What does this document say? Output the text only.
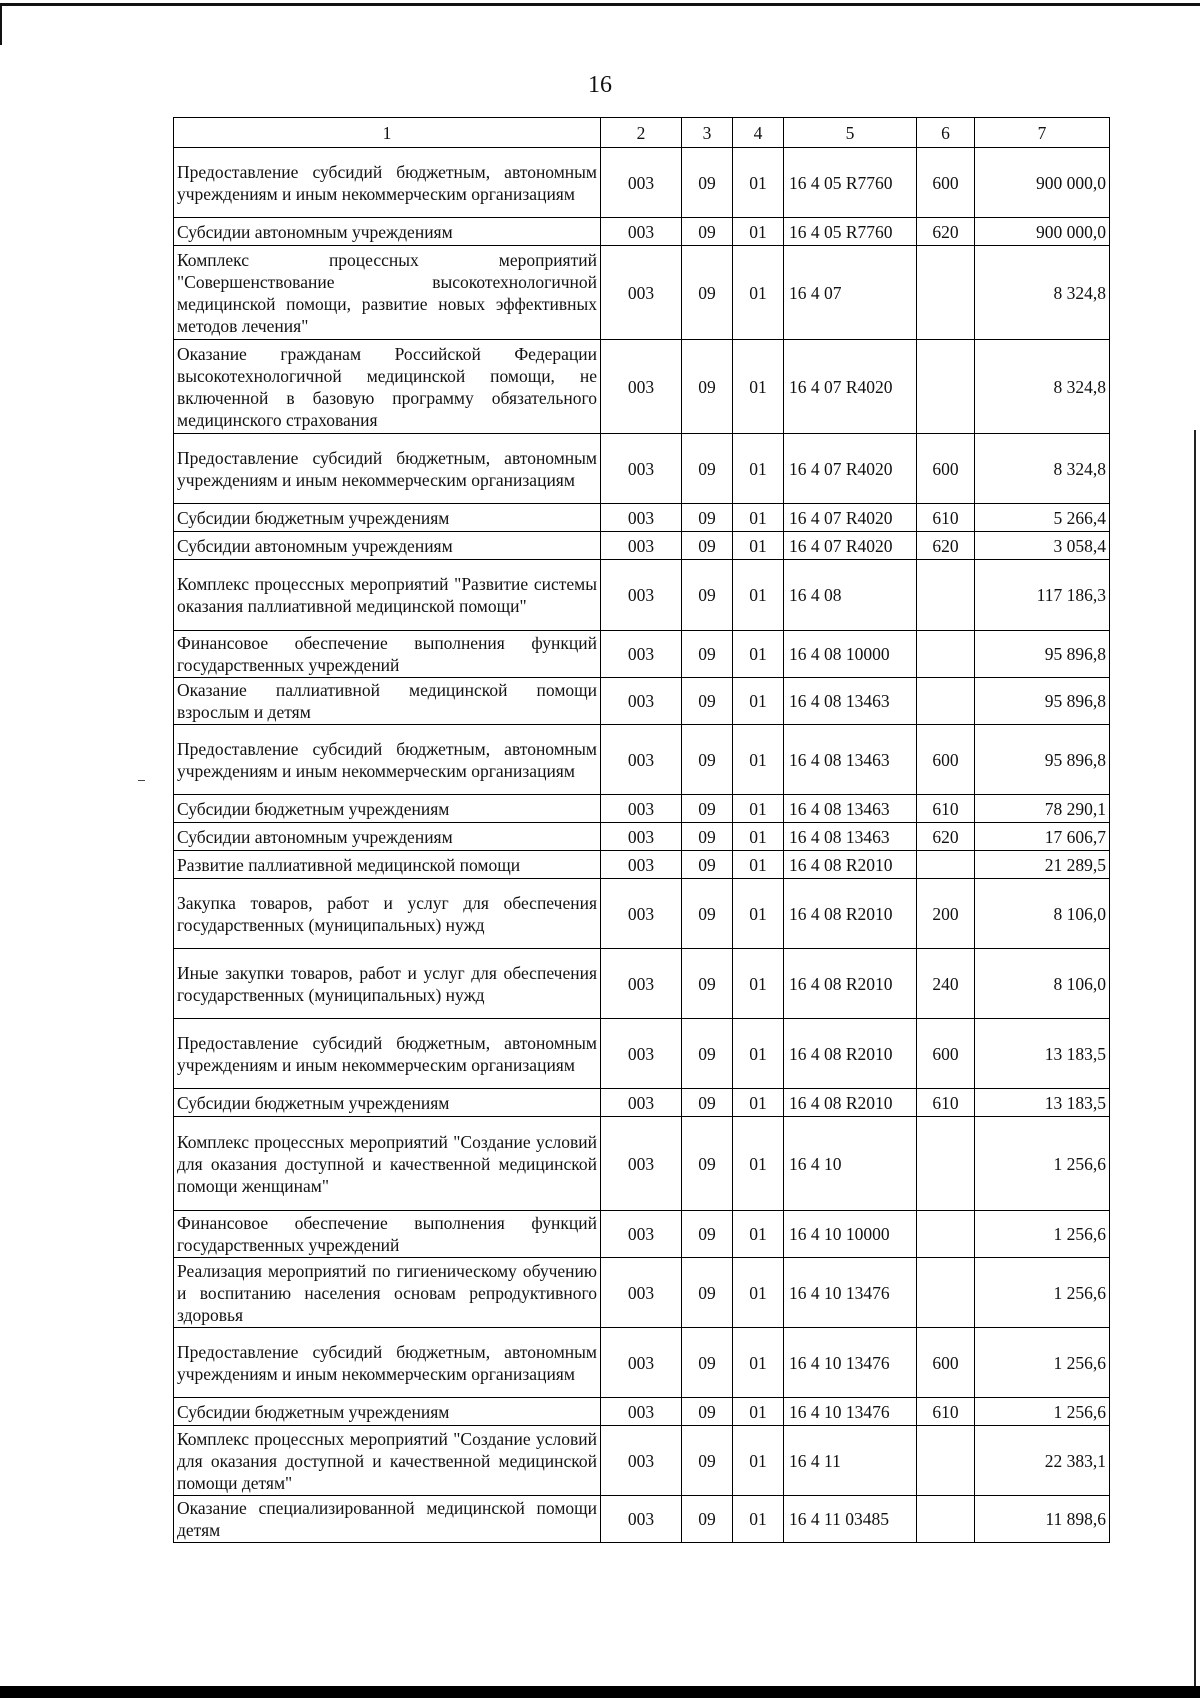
16
1	2	3	4	5	6	7
Предоставление субсидий бюджетным, автономным учреждениям и иным некоммерческим организациям	003	09	01	16 4 05 R7760	600	900 000,0
Субсидии автономным учреждениям	003	09	01	16 4 05 R7760	620	900 000,0
Комплекс процессных мероприятий "Совершенствование высокотехнологичной медицинской помощи, развитие новых эффективных методов лечения"	003	09	01	16 4 07		8 324,8
Оказание гражданам Российской Федерации высокотехнологичной медицинской помощи, не включенной в базовую программу обязательного медицинского страхования	003	09	01	16 4 07 R4020		8 324,8
Предоставление субсидий бюджетным, автономным учреждениям и иным некоммерческим организациям	003	09	01	16 4 07 R4020	600	8 324,8
Субсидии бюджетным учреждениям	003	09	01	16 4 07 R4020	610	5 266,4
Субсидии автономным учреждениям	003	09	01	16 4 07 R4020	620	3 058,4
Комплекс процессных мероприятий "Развитие системы оказания паллиативной медицинской помощи"	003	09	01	16 4 08		117 186,3
Финансовое обеспечение выполнения функций государственных учреждений	003	09	01	16 4 08 10000		95 896,8
Оказание паллиативной медицинской помощи взрослым и детям	003	09	01	16 4 08 13463		95 896,8
Предоставление субсидий бюджетным, автономным учреждениям и иным некоммерческим организациям	003	09	01	16 4 08 13463	600	95 896,8
Субсидии бюджетным учреждениям	003	09	01	16 4 08 13463	610	78 290,1
Субсидии автономным учреждениям	003	09	01	16 4 08 13463	620	17 606,7
Развитие паллиативной медицинской помощи	003	09	01	16 4 08 R2010		21 289,5
Закупка товаров, работ и услуг для обеспечения государственных (муниципальных) нужд	003	09	01	16 4 08 R2010	200	8 106,0
Иные закупки товаров, работ и услуг для обеспечения государственных (муниципальных) нужд	003	09	01	16 4 08 R2010	240	8 106,0
Предоставление субсидий бюджетным, автономным учреждениям и иным некоммерческим организациям	003	09	01	16 4 08 R2010	600	13 183,5
Субсидии бюджетным учреждениям	003	09	01	16 4 08 R2010	610	13 183,5
Комплекс процессных мероприятий "Создание условий для оказания доступной и качественной медицинской помощи женщинам"	003	09	01	16 4 10		1 256,6
Финансовое обеспечение выполнения функций государственных учреждений	003	09	01	16 4 10 10000		1 256,6
Реализация мероприятий по гигиеническому обучению и воспитанию населения основам репродуктивного здоровья	003	09	01	16 4 10 13476		1 256,6
Предоставление субсидий бюджетным, автономным учреждениям и иным некоммерческим организациям	003	09	01	16 4 10 13476	600	1 256,6
Субсидии бюджетным учреждениям	003	09	01	16 4 10 13476	610	1 256,6
Комплекс процессных мероприятий "Создание условий для оказания доступной и качественной медицинской помощи детям"	003	09	01	16 4 11		22 383,1
Оказание специализированной медицинской помощи детям	003	09	01	16 4 11 03485		11 898,6
